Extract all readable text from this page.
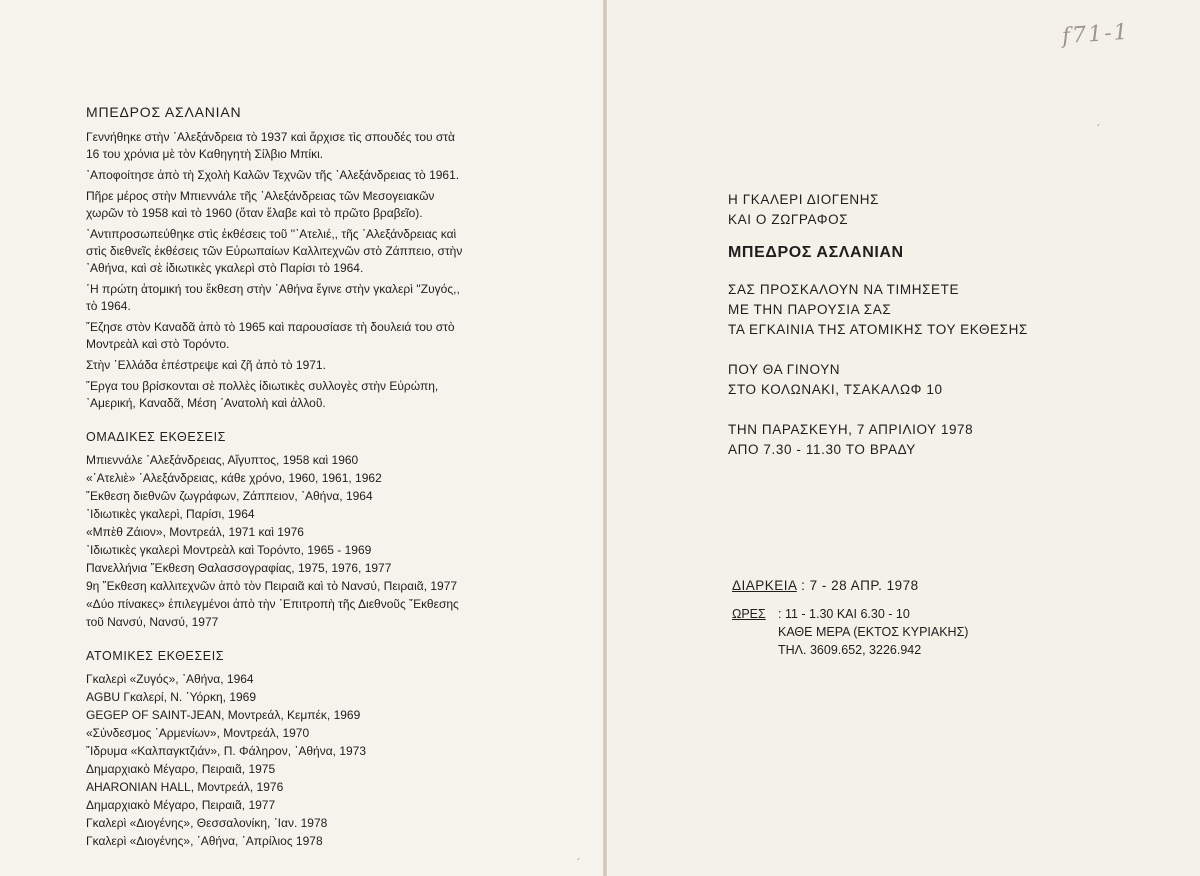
f71-1
´
´
ΜΠΕΔΡΟΣ ΑΣΛΑΝΙΑΝ
Γεννήθηκε στὴν ᾿Αλεξάνδρεια τὸ 1937 καὶ ἄρχισε τὶς σπουδές του στὰ
16 του χρόνια μὲ τὸν Καθηγητὴ Σίλβιο Μπίκι.
᾿Αποφοίτησε ἀπὸ τὴ Σχολὴ Καλῶν Τεχνῶν τῆς ᾿Αλεξάνδρειας τὸ 1961.
Πῆρε μέρος στὴν Μπιεννάλε τῆς ᾿Αλεξάνδρειας τῶν Μεσογειακῶν
χωρῶν τὸ 1958 καὶ τὸ 1960 (ὅταν ἔλαβε καὶ τὸ πρῶτο βραβεῖο).
᾿Αντιπροσωπεύθηκε στὶς ἐκθέσεις τοῦ ''᾿Ατελιέ,, τῆς ᾿Αλεξάνδρειας καὶ
στὶς διεθνεῖς ἐκθέσεις τῶν Εὐρωπαίων Καλλιτεχνῶν στὸ Ζάππειο, στὴν
᾿Αθήνα, καὶ σὲ ἰδιωτικὲς γκαλερὶ στὸ Παρίσι τὸ 1964.
῾Η πρώτη ἀτομική του ἔκθεση στὴν ᾿Αθήνα ἔγινε στὴν γκαλερὶ ''Ζυγός,,
τὸ 1964.
῎Εζησε στὸν Καναδᾶ ἀπὸ τὸ 1965 καὶ παρουσίασε τὴ δουλειά του στὸ
Μοντρεὰλ καὶ στὸ Τορόντο.
Στὴν ῾Ελλάδα ἐπέστρεψε καὶ ζῆ ἀπὸ τὸ 1971.
῎Εργα του βρίσκονται σὲ πολλὲς ἰδιωτικὲς συλλογὲς στὴν Εὐρώπη,
᾿Αμερική, Καναδᾶ, Μέση ᾿Ανατολὴ καὶ ἀλλοῦ.
ΟΜΑΔΙΚΕΣ ΕΚΘΕΣΕΙΣ
Μπιεννάλε ᾿Αλεξάνδρειας, Αἴγυπτος, 1958 καὶ 1960
«᾿Ατελιὲ» ᾿Αλεξάνδρειας, κάθε χρόνο, 1960, 1961, 1962
῎Εκθεση διεθνῶν ζωγράφων, Ζάππειον, ᾿Αθήνα, 1964
᾿Ιδιωτικὲς γκαλερὶ, Παρίσι, 1964
«Μπὲθ Ζάιον», Μοντρεάλ, 1971 καὶ 1976
᾿Ιδιωτικὲς γκαλερὶ Μοντρεὰλ καὶ Τορόντο, 1965 - 1969
Πανελλήνια ῎Εκθεση Θαλασσογραφίας, 1975, 1976, 1977
9η ῎Εκθεση καλλιτεχνῶν ἀπὸ τὸν Πειραιᾶ καὶ τὸ Νανσύ, Πειραιᾶ, 1977
«Δύο πίνακες» ἐπιλεγμένοι ἀπὸ τὴν ᾿Επιτροπὴ τῆς Διεθνοῦς ῎Εκθεσης
τοῦ Νανσύ, Νανσύ, 1977
ΑΤΟΜΙΚΕΣ ΕΚΘΕΣΕΙΣ
Γκαλερὶ «Ζυγός», ᾿Αθήνα, 1964
AGBU Γκαλερί, Ν. ῾Υόρκη, 1969
GEGEP OF SAINT-JEAN, Μοντρεάλ, Κεμπέκ, 1969
«Σύνδεσμος ᾿Αρμενίων», Μοντρεάλ, 1970
῎Ιδρυμα «Καλπαγκτζιάν», Π. Φάληρον, ᾿Αθήνα, 1973
Δημαρχιακὸ Μέγαρο, Πειραιᾶ, 1975
AHARONIAN HALL, Μοντρεάλ, 1976
Δημαρχιακὸ Μέγαρο, Πειραιᾶ, 1977
Γκαλερὶ «Διογένης», Θεσσαλονίκη, ᾿Ιαν. 1978
Γκαλερὶ «Διογένης», ᾿Αθήνα, ᾿Απρίλιος 1978
Η ΓΚΑΛΕΡΙ ΔΙΟΓΕΝΗΣ
ΚΑΙ Ο ΖΩΓΡΑΦΟΣ
ΜΠΕΔΡΟΣ ΑΣΛΑΝΙΑΝ
ΣΑΣ ΠΡΟΣΚΑΛΟΥΝ ΝΑ ΤΙΜΗΣΕΤΕ
ΜΕ ΤΗΝ ΠΑΡΟΥΣΙΑ ΣΑΣ
ΤΑ ΕΓΚΑΙΝΙΑ ΤΗΣ ΑΤΟΜΙΚΗΣ ΤΟΥ ΕΚΘΕΣΗΣ
ΠΟΥ ΘΑ ΓΙΝΟΥΝ
ΣΤΟ ΚΟΛΩΝΑΚΙ, ΤΣΑΚΑΛΩΦ 10
ΤΗΝ ΠΑΡΑΣΚΕΥΗ, 7 ΑΠΡΙΛΙΟΥ 1978
ΑΠΟ 7.30 - 11.30 ΤΟ ΒΡΑΔΥ
ΔΙΑΡΚΕΙΑ : 7 - 28 ΑΠΡ. 1978
ΩΡΕΣ : 11 - 1.30 ΚΑΙ 6.30 - 10
ΚΑΘΕ ΜΕΡΑ (ΕΚΤΟΣ ΚΥΡΙΑΚΗΣ)
ΤΗΛ. 3609.652, 3226.942
